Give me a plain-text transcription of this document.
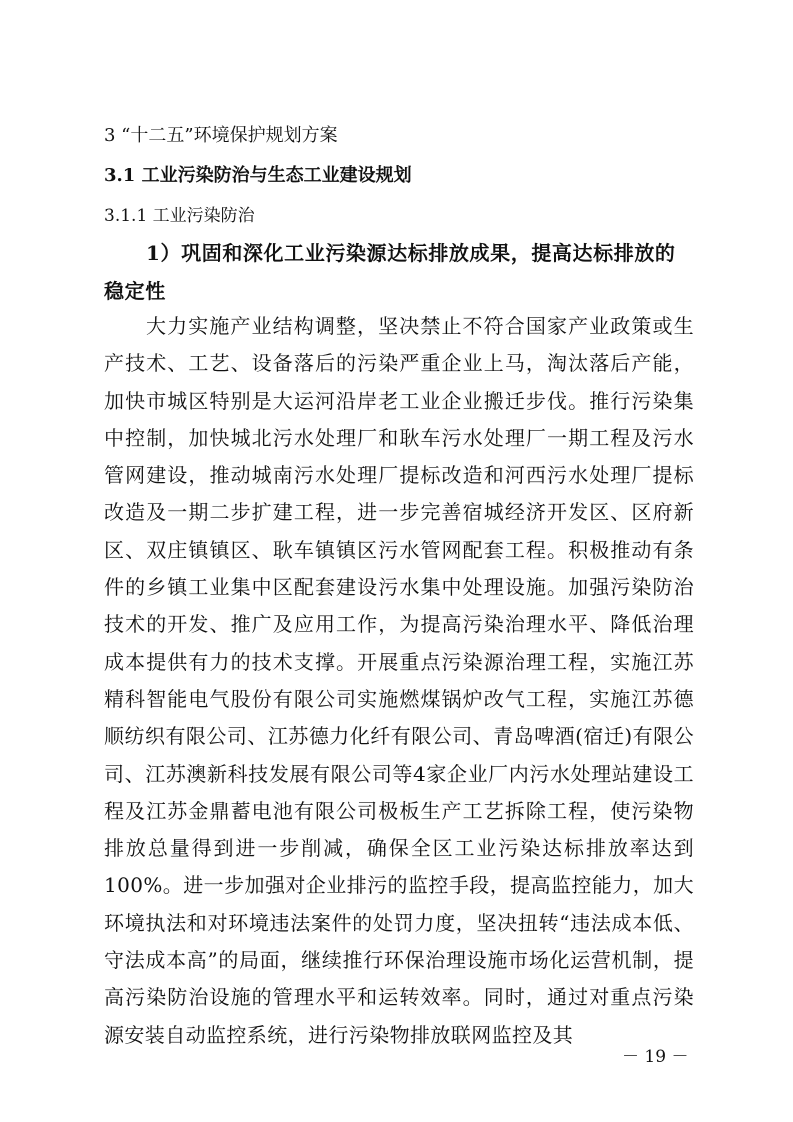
3 “十二五”环境保护规划方案
3.1 工业污染防治与生态工业建设规划
3.1.1 工业污染防治
1）巩固和深化工业污染源达标排放成果，提高达标排放的稳定性

大力实施产业结构调整，坚决禁止不符合国家产业政策或生产技术、工艺、设备落后的污染严重企业上马，淘汰落后产能，加快市城区特别是大运河沿岸老工业企业搬迁步伐。推行污染集中控制，加快城北污水处理厂和耿车污水处理厂一期工程及污水管网建设，推动城南污水处理厂提标改造和河西污水处理厂提标改造及一期二步扩建工程，进一步完善宿城经济开发区、区府新区、双庄镇镇区、耿车镇镇区污水管网配套工程。积极推动有条件的乡镇工业集中区配套建设污水集中处理设施。加强污染防治技术的开发、推广及应用工作，为提高污染治理水平、降低治理成本提供有力的技术支撑。开展重点污染源治理工程，实施江苏精科智能电气股份有限公司实施燃煤锅炉改气工程，实施江苏德顺纺织有限公司、江苏德力化纤有限公司、青岛啤酒(宿迁)有限公司、江苏澳新科技发展有限公司等4家企业厂内污水处理站建设工程及江苏金鼎蓄电池有限公司极板生产工艺拆除工程，使污染物排放总量得到进一步削减，确保全区工业污染达标排放率达到100%。进一步加强对企业排污的监控手段，提高监控能力，加大环境执法和对环境违法案件的处罚力度，坚决扭转“违法成本低、守法成本高”的局面，继续推行环保治理设施市场化运营机制，提高污染防治设施的管理水平和运转效率。同时，通过对重点污染源安装自动监控系统，进行污染物排放联网监控及其

－ 19 －
